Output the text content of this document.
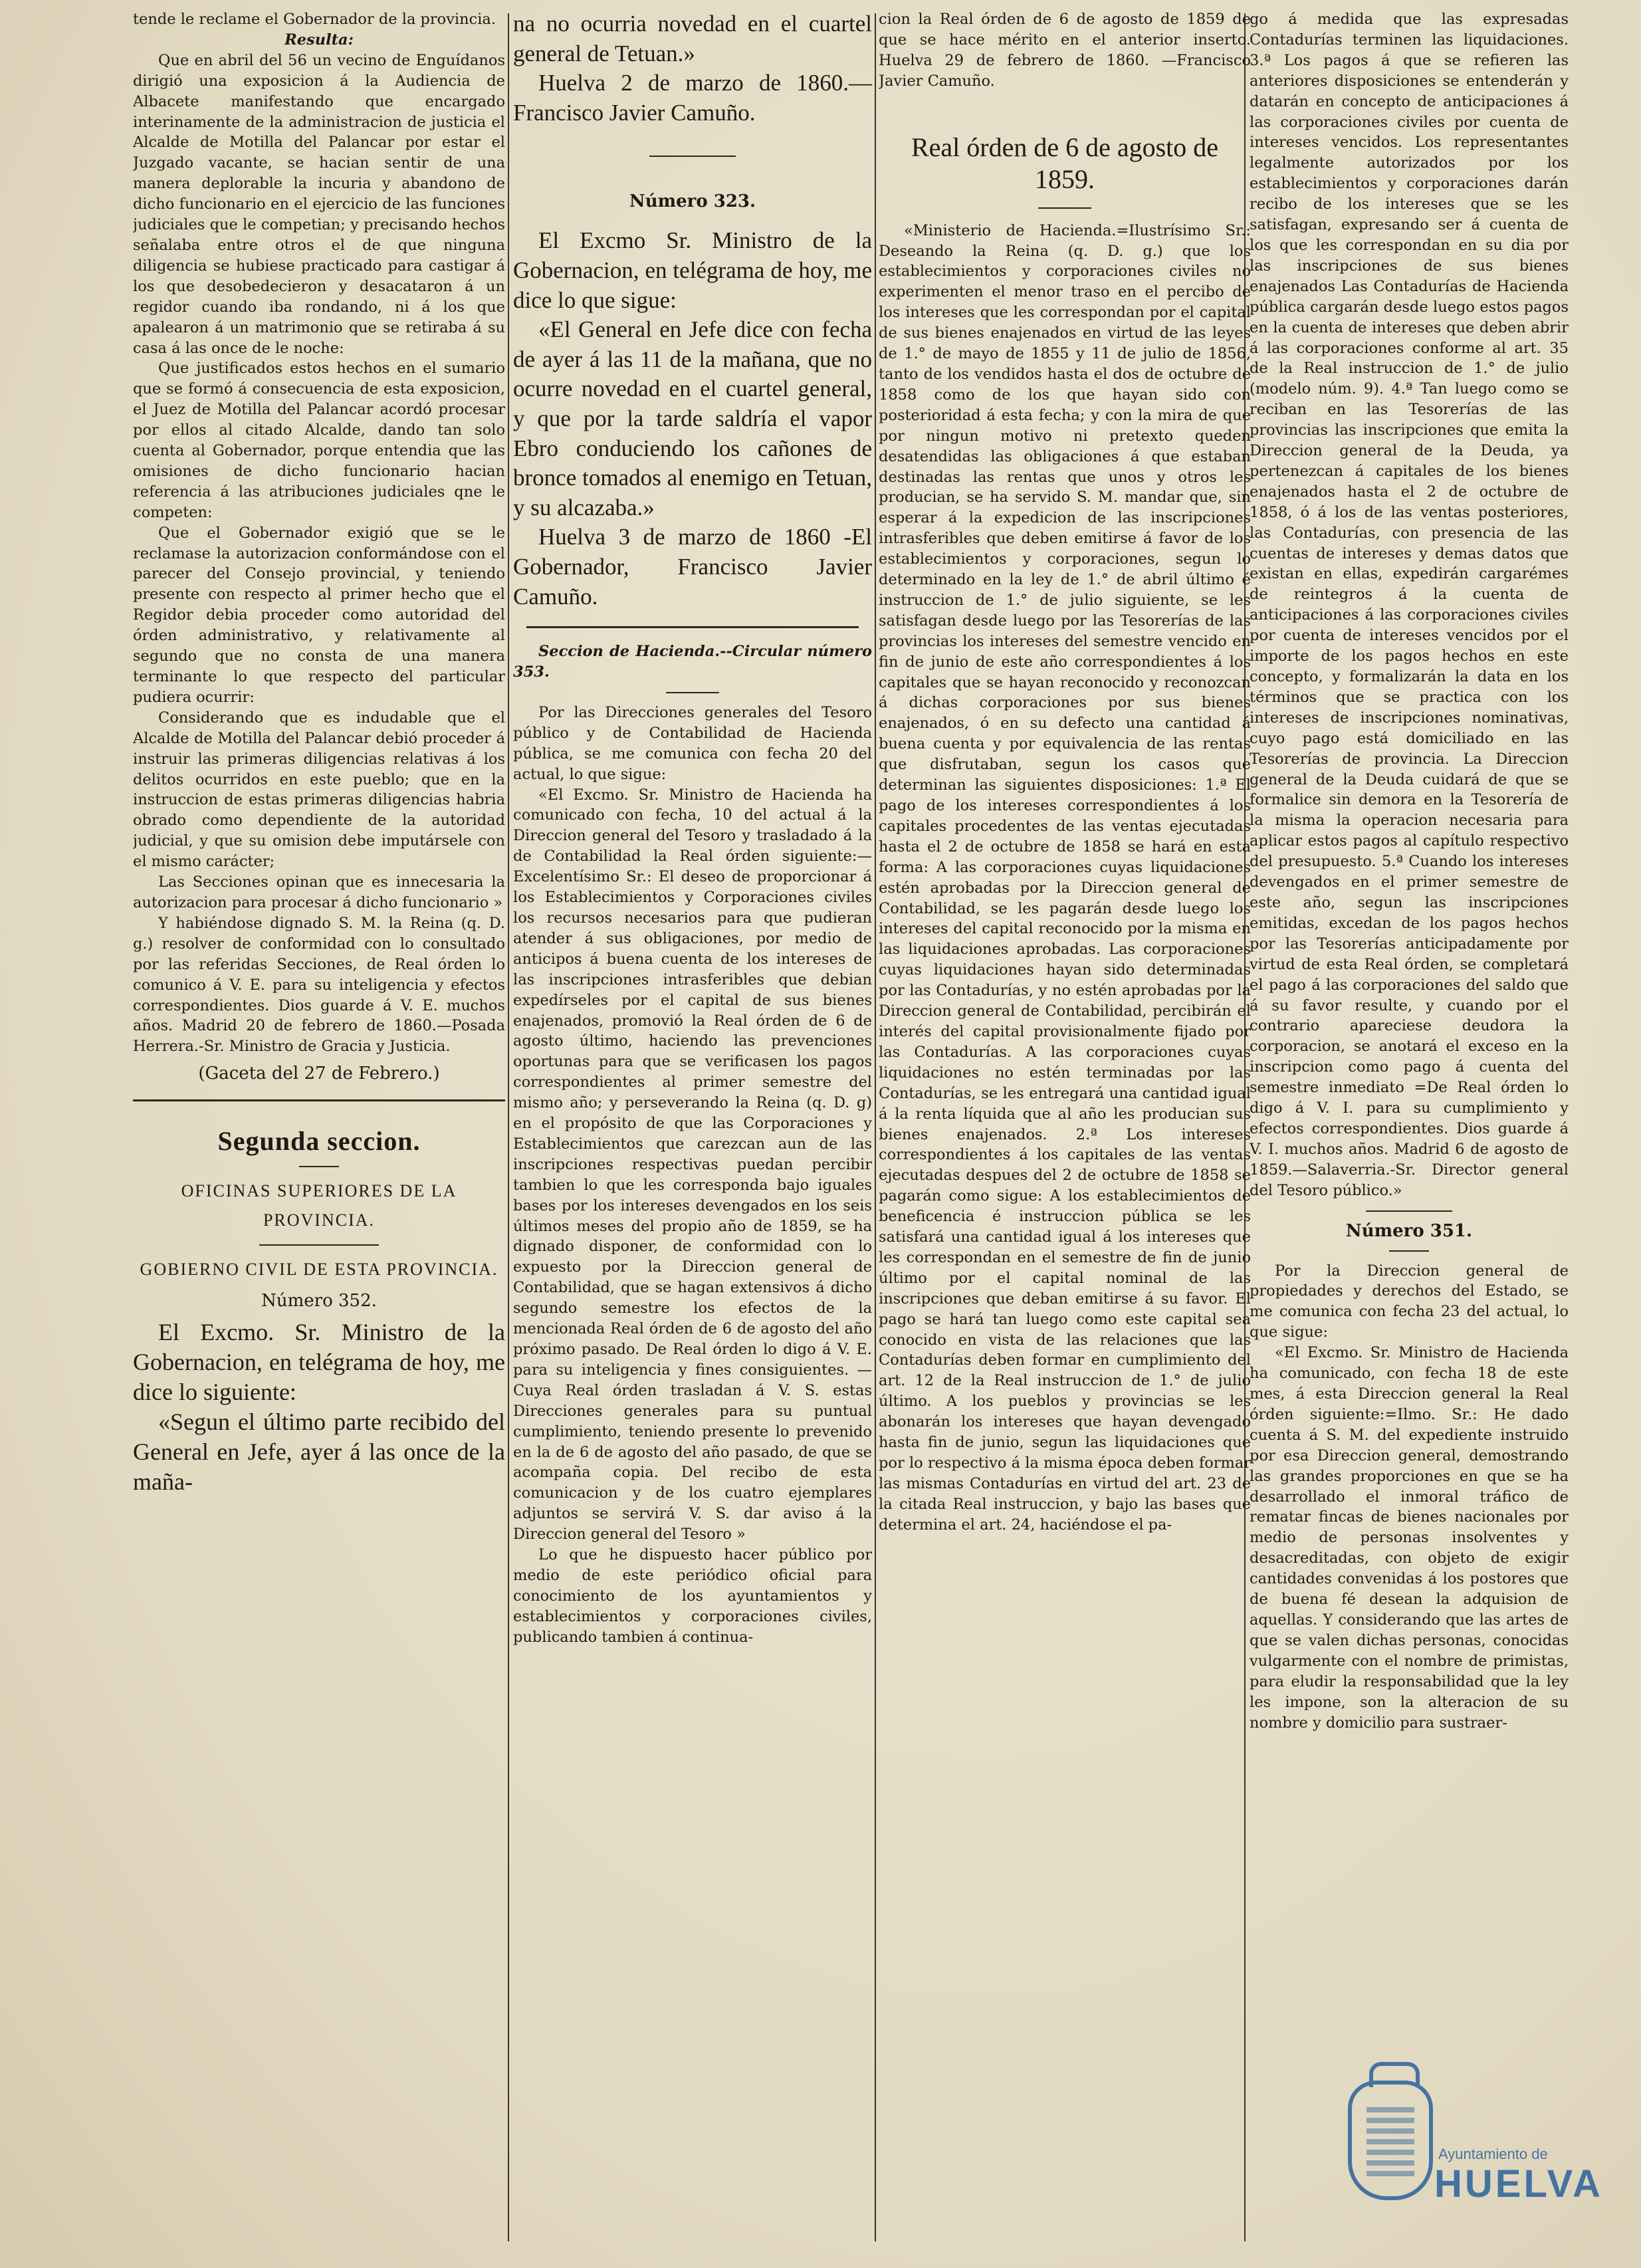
tende le reclame el Gobernador de la provincia.

Resulta:

Que en abril del 56 un vecino de Enguídanos dirigió una exposicion á la Audiencia de Albacete manifestando que encargado interinamente de la administracion de justicia el Alcalde de Motilla del Palancar por estar el Juzgado vacante, se hacian sentir de una manera deplorable la incuria y abandono de dicho funcionario en el ejercicio de las funciones judiciales que le competian; y precisando hechos señalaba entre otros el de que ninguna diligencia se hubiese practicado para castigar á los que desobedecieron y desacataron á un regidor cuando iba rondando, ni á los que apalearon á un matrimonio que se retiraba á su casa á las once de le noche:

Que justificados estos hechos en el sumario que se formó á consecuencia de esta exposicion, el Juez de Motilla del Palancar acordó procesar por ellos al citado Alcalde, dando tan solo cuenta al Gobernador, porque entendia que las omisiones de dicho funcionario hacian referencia á las atribuciones judiciales qne le competen:

Que el Gobernador exigió que se le reclamase la autorizacion conformándose con el parecer del Consejo provincial, y teniendo presente con respecto al primer hecho que el Regidor debia proceder como autoridad del órden administrativo, y relativamente al segundo que no consta de una manera terminante lo que respecto del particular pudiera ocurrir:

Considerando que es indudable que el Alcalde de Motilla del Palancar debió proceder á instruir las primeras diligencias relativas á los delitos ocurridos en este pueblo; que en la instruccion de estas primeras diligencias habria obrado como dependiente de la autoridad judicial, y que su omision debe imputársele con el mismo carácter;

Las Secciones opinan que es innecesaria la autorizacion para procesar á dicho funcionario »

Y habiéndose dignado S. M. la Reina (q. D. g.) resolver de conformidad con lo consultado por las referidas Secciones, de Real órden lo comunico á V. E. para su inteligencia y efectos correspondientes. Dios guarde á V. E. muchos años. Madrid 20 de febrero de 1860.—Posada Herrera.-Sr. Ministro de Gracia y Justicia.

(Gaceta del 27 de Febrero.)

Segunda seccion.

OFICINAS SUPERIORES DE LA PROVINCIA.

GOBIERNO CIVIL DE ESTA PROVINCIA.

Número 352.

El Excmo. Sr. Ministro de la Gobernacion, en telégrama de hoy, me dice lo siguiente:

«Segun el último parte recibido del General en Jefe, ayer á las once de la maña-

na no ocurria novedad en el cuartel general de Tetuan.»

Huelva 2 de marzo de 1860.—Francisco Javier Camuño.

Número 323.

El Excmo Sr. Ministro de la Gobernacion, en telégrama de hoy, me dice lo que sigue:

«El General en Jefe dice con fecha de ayer á las 11 de la mañana, que no ocurre novedad en el cuartel general, y que por la tarde saldría el vapor Ebro conduciendo los cañones de bronce tomados al enemigo en Tetuan, y su alcazaba.»

Huelva 3 de marzo de 1860 -El Gobernador, Francisco Javier Camuño.

Seccion de Hacienda.--Circular número 353.

Por las Direcciones generales del Tesoro público y de Contabilidad de Hacienda pública, se me comunica con fecha 20 del actual, lo que sigue:

«El Excmo. Sr. Ministro de Hacienda ha comunicado con fecha, 10 del actual á la Direccion general del Tesoro y trasladado á la de Contabilidad la Real órden siguiente:—Excelentísimo Sr.: El deseo de proporcionar á los Establecimientos y Corporaciones civiles los recursos necesarios para que pudieran atender á sus obligaciones, por medio de anticipos á buena cuenta de los intereses de las inscripciones intrasferibles que debian expedírseles por el capital de sus bienes enajenados, promovió la Real órden de 6 de agosto último, haciendo las prevenciones oportunas para que se verificasen los pagos correspondientes al primer semestre del mismo año; y perseverando la Reina (q. D. g) en el propósito de que las Corporaciones y Establecimientos que carezcan aun de las inscripciones respectivas puedan percibir tambien lo que les corresponda bajo iguales bases por los intereses devengados en los seis últimos meses del propio año de 1859, se ha dignado disponer, de conformidad con lo expuesto por la Direccion general de Contabilidad, que se hagan extensivos á dicho segundo semestre los efectos de la mencionada Real órden de 6 de agosto del año próximo pasado. De Real órden lo digo á V. E. para su inteligencia y fines consiguientes. —Cuya Real órden trasladan á V. S. estas Direcciones generales para su puntual cumplimiento, teniendo presente lo prevenido en la de 6 de agosto del año pasado, de que se acompaña copia. Del recibo de esta comunicacion y de los cuatro ejemplares adjuntos se servirá V. S. dar aviso á la Direccion general del Tesoro »

Lo que he dispuesto hacer público por medio de este periódico oficial para conocimiento de los ayuntamientos y establecimientos y corporaciones civiles, publicando tambien á continua-

cion la Real órden de 6 de agosto de 1859 de que se hace mérito en el anterior inserto. Huelva 29 de febrero de 1860. —Francisco Javier Camuño.

Real órden de 6 de agosto de 1859.

«Ministerio de Hacienda.=Ilustrísimo Sr.: Deseando la Reina (q. D. g.) que los establecimientos y corporaciones civiles no experimenten el menor traso en el percibo de los intereses que les correspondan por el capital de sus bienes enajenados en virtud de las leyes de 1.° de mayo de 1855 y 11 de julio de 1856, tanto de los vendidos hasta el dos de octubre de 1858 como de los que hayan sido con posterioridad á esta fecha; y con la mira de que por ningun motivo ni pretexto queden desatendidas las obligaciones á que estaban destinadas las rentas que unos y otros les producian, se ha servido S. M. mandar que, sin esperar á la expedicion de las inscripciones intrasferibles que deben emitirse á favor de los establecimientos y corporaciones, segun lo determinado en la ley de 1.° de abril último é instruccion de 1.° de julio siguiente, se les satisfagan desde luego por las Tesorerías de las provincias los intereses del semestre vencido en fin de junio de este año correspondientes á los capitales que se hayan reconocido y reconozcan á dichas corporaciones por sus bienes enajenados, ó en su defecto una cantidad á buena cuenta y por equivalencia de las rentas que disfrutaban, segun los casos que determinan las siguientes disposiciones: 1.ª El pago de los intereses correspondientes á los capitales procedentes de las ventas ejecutadas hasta el 2 de octubre de 1858 se hará en esta forma: A las corporaciones cuyas liquidaciones estén aprobadas por la Direccion general de Contabilidad, se les pagarán desde luego los intereses del capital reconocido por la misma en las liquidaciones aprobadas. Las corporaciones cuyas liquidaciones hayan sido determinadas por las Contadurías, y no estén aprobadas por la Direccion general de Contabilidad, percibirán el interés del capital provisionalmente fijado por las Contadurías. A las corporaciones cuyas liquidaciones no estén terminadas por las Contadurías, se les entregará una cantidad igual á la renta líquida que al año les producian sus bienes enajenados. 2.ª Los intereses correspondientes á los capitales de las ventas ejecutadas despues del 2 de octubre de 1858 se pagarán como sigue: A los establecimientos de beneficencia é instruccion pública se les satisfará una cantidad igual á los intereses que les correspondan en el semestre de fin de junio último por el capital nominal de las inscripciones que deban emitirse á su favor. El pago se hará tan luego como este capital sea conocido en vista de las relaciones que las Contadurías deben formar en cumplimiento del art. 12 de la Real instruccion de 1.° de julio último. A los pueblos y provincias se les abonarán los intereses que hayan devengado hasta fin de junio, segun las liquidaciones que por lo respectivo á la misma época deben formar las mismas Contadurías en virtud del art. 23 de la citada Real instruccion, y bajo las bases que determina el art. 24, haciéndose el pa-

go á medida que las expresadas Contadurías terminen las liquidaciones. 3.ª Los pagos á que se refieren las anteriores disposiciones se entenderán y datarán en concepto de anticipaciones á las corporaciones civiles por cuenta de intereses vencidos. Los representantes legalmente autorizados por los establecimientos y corporaciones darán recibo de los intereses que se les satisfagan, expresando ser á cuenta de los que les correspondan en su dia por las inscripciones de sus bienes enajenados Las Contadurías de Hacienda pública cargarán desde luego estos pagos en la cuenta de intereses que deben abrir á las corporaciones conforme al art. 35 de la Real instruccion de 1.° de julio (modelo núm. 9). 4.ª Tan luego como se reciban en las Tesorerías de las provincias las inscripciones que emita la Direccion general de la Deuda, ya pertenezcan á capitales de los bienes enajenados hasta el 2 de octubre de 1858, ó á los de las ventas posteriores, las Contadurías, con presencia de las cuentas de intereses y demas datos que existan en ellas, expedirán cargarémes de reintegros á la cuenta de anticipaciones á las corporaciones civiles por cuenta de intereses vencidos por el importe de los pagos hechos en este concepto, y formalizarán la data en los términos que se practica con los intereses de inscripciones nominativas, cuyo pago está domiciliado en las Tesorerías de provincia. La Direccion general de la Deuda cuidará de que se formalice sin demora en la Tesorería de la misma la operacion necesaria para aplicar estos pagos al capítulo respectivo del presupuesto. 5.ª Cuando los intereses devengados en el primer semestre de este año, segun las inscripciones emitidas, excedan de los pagos hechos por las Tesorerías anticipadamente por virtud de esta Real órden, se completará el pago á las corporaciones del saldo que á su favor resulte, y cuando por el contrario apareciese deudora la corporacion, se anotará el exceso en la inscripcion como pago á cuenta del semestre inmediato =De Real órden lo digo á V. I. para su cumplimiento y efectos correspondientes. Dios guarde á V. I. muchos años. Madrid 6 de agosto de 1859.—Salaverria.-Sr. Director general del Tesoro público.»

Número 351.

Por la Direccion general de propiedades y derechos del Estado, se me comunica con fecha 23 del actual, lo que sigue:

«El Excmo. Sr. Ministro de Hacienda ha comunicado, con fecha 18 de este mes, á esta Direccion general la Real órden siguiente:=Ilmo. Sr.: He dado cuenta á S. M. del expediente instruido por esa Direccion general, demostrando las grandes proporciones en que se ha desarrollado el inmoral tráfico de rematar fincas de bienes nacionales por medio de personas insolventes y desacreditadas, con objeto de exigir cantidades convenidas á los postores que de buena fé desean la adquision de aquellas. Y considerando que las artes de que se valen dichas personas, conocidas vulgarmente con el nombre de primistas, para eludir la responsabilidad que la ley les impone, son la alteracion de su nombre y domicilio para sustraer-

Ayuntamiento de
HUELVA
